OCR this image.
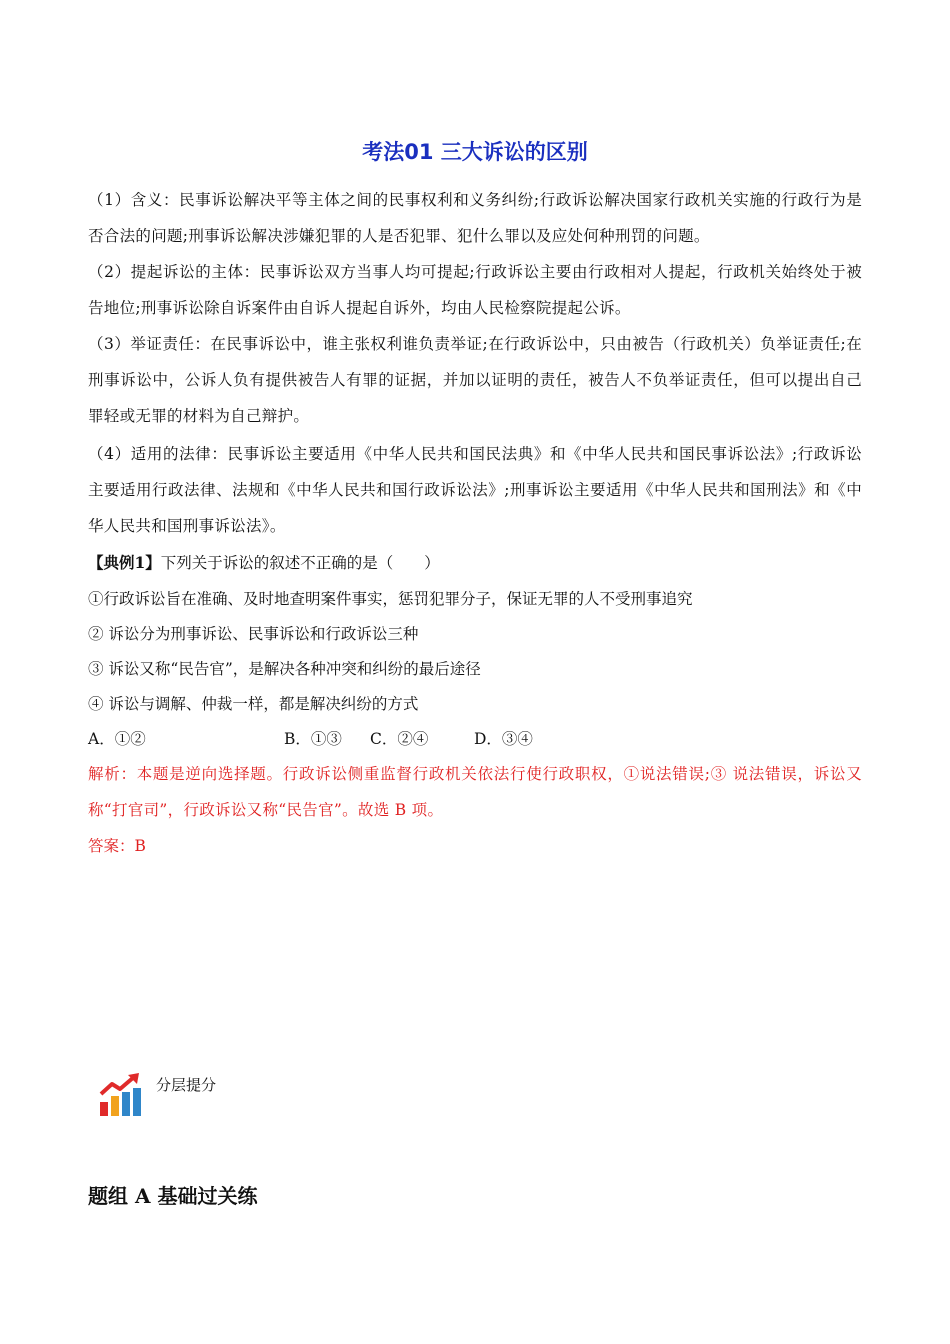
考法01 三大诉讼的区别
（1）含义：民事诉讼解决平等主体之间的民事权利和义务纠纷;行政诉讼解决国家行政机关实施的行政行为是否合法的问题;刑事诉讼解决涉嫌犯罪的人是否犯罪、犯什么罪以及应处何种刑罚的问题。
（2）提起诉讼的主体：民事诉讼双方当事人均可提起;行政诉讼主要由行政相对人提起，行政机关始终处于被告地位;刑事诉讼除自诉案件由自诉人提起自诉外，均由人民检察院提起公诉。
（3）举证责任：在民事诉讼中，谁主张权利谁负责举证;在行政诉讼中，只由被告（行政机关）负举证责任;在刑事诉讼中，公诉人负有提供被告人有罪的证据，并加以证明的责任，被告人不负举证责任，但可以提出自己罪轻或无罪的材料为自己辩护。
（4）适用的法律：民事诉讼主要适用《中华人民共和国民法典》和《中华人民共和国民事诉讼法》;行政诉讼主要适用行政法律、法规和《中华人民共和国行政诉讼法》;刑事诉讼主要适用《中华人民共和国刑法》和《中华人民共和国刑事诉讼法》。
【典例1】下列关于诉讼的叙述不正确的是（　　）
①行政诉讼旨在准确、及时地查明案件事实，惩罚犯罪分子，保证无罪的人不受刑事追究
② 诉讼分为刑事诉讼、民事诉讼和行政诉讼三种
③ 诉讼又称“民告官”，是解决各种冲突和纠纷的最后途径
④ 诉讼与调解、仲裁一样，都是解决纠纷的方式
A．①②	B．①③ C．②④	D．③④
解析：本题是逆向选择题。行政诉讼侧重监督行政机关依法行使行政职权，①说法错误;③ 说法错误，诉讼又称“打官司”，行政诉讼又称“民告官”。故选 B 项。
答案：B
分层提分
题组 A 基础过关练
